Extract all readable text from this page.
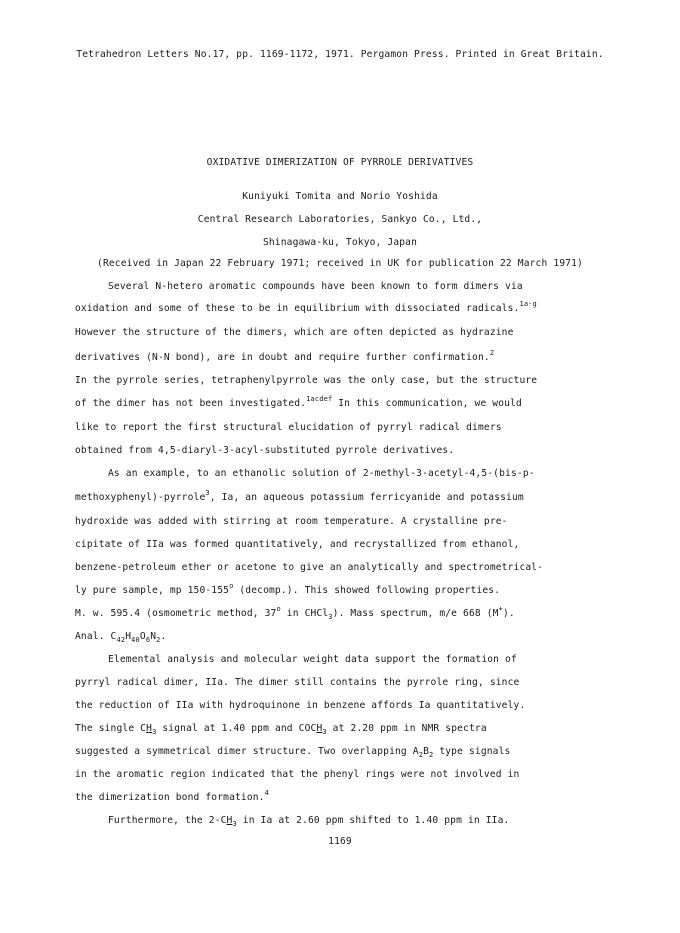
Tetrahedron Letters No.17, pp. 1169-1172, 1971. Pergamon Press. Printed in Great Britain.
OXIDATIVE DIMERIZATION OF PYRROLE DERIVATIVES
Kuniyuki Tomita and Norio Yoshida
Central Research Laboratories, Sankyo Co., Ltd.,
Shinagawa-ku, Tokyo, Japan
(Received in Japan 22 February 1971; received in UK for publication 22 March 1971)
Several N-hetero aromatic compounds have been known to form dimers via
oxidation and some of these to be in equilibrium with dissociated radicals.$^{1a-g}$
However the structure of the dimers, which are often depicted as hydrazine
derivatives (N-N bond), are in doubt and require further confirmation.$^2$
In the pyrrole series, tetraphenylpyrrole was the only case, but the structure
of the dimer has not been investigated.$^{1acdef}$ In this communication, we would
like to report the first structural elucidation of pyrryl radical dimers
obtained from 4,5-diaryl-3-acyl-substituted pyrrole derivatives.
As an example, to an ethanolic solution of 2-methyl-3-acetyl-4,5-(bis-p-
methoxyphenyl)-pyrrole$^3$, Ia, an aqueous potassium ferricyanide and potassium
hydroxide was added with stirring at room temperature. A crystalline pre-
cipitate of IIa was formed quantitatively, and recrystallized from ethanol,
benzene-petroleum ether or acetone to give an analytically and spectrometrical-
ly pure sample, mp 150-155$^o$ (decomp.). This showed following properties.
M. w. 595.4 (osmometric method, 37$^o$ in CHCl$_3$). Mass spectrum, m/e 668 (M+).
Anal. $C_{42}H_{40}O_6N_2$.
Elemental analysis and molecular weight data support the formation of
pyrryl radical dimer, IIa. The dimer still contains the pyrrole ring, since
the reduction of IIa with hydroquinone in benzene affords Ia quantitatively.
The single $CH_3$ signal at 1.40 ppm and $COCH_3$ at 2.20 ppm in NMR spectra
suggested a symmetrical dimer structure. Two overlapping $A_2B_2$ type signals
in the aromatic region indicated that the phenyl rings were not involved in
the dimerization bond formation.$^4$
Furthermore, the $2-CH_3$ in Ia at 2.60 ppm shifted to 1.40 ppm in IIa.
1169
